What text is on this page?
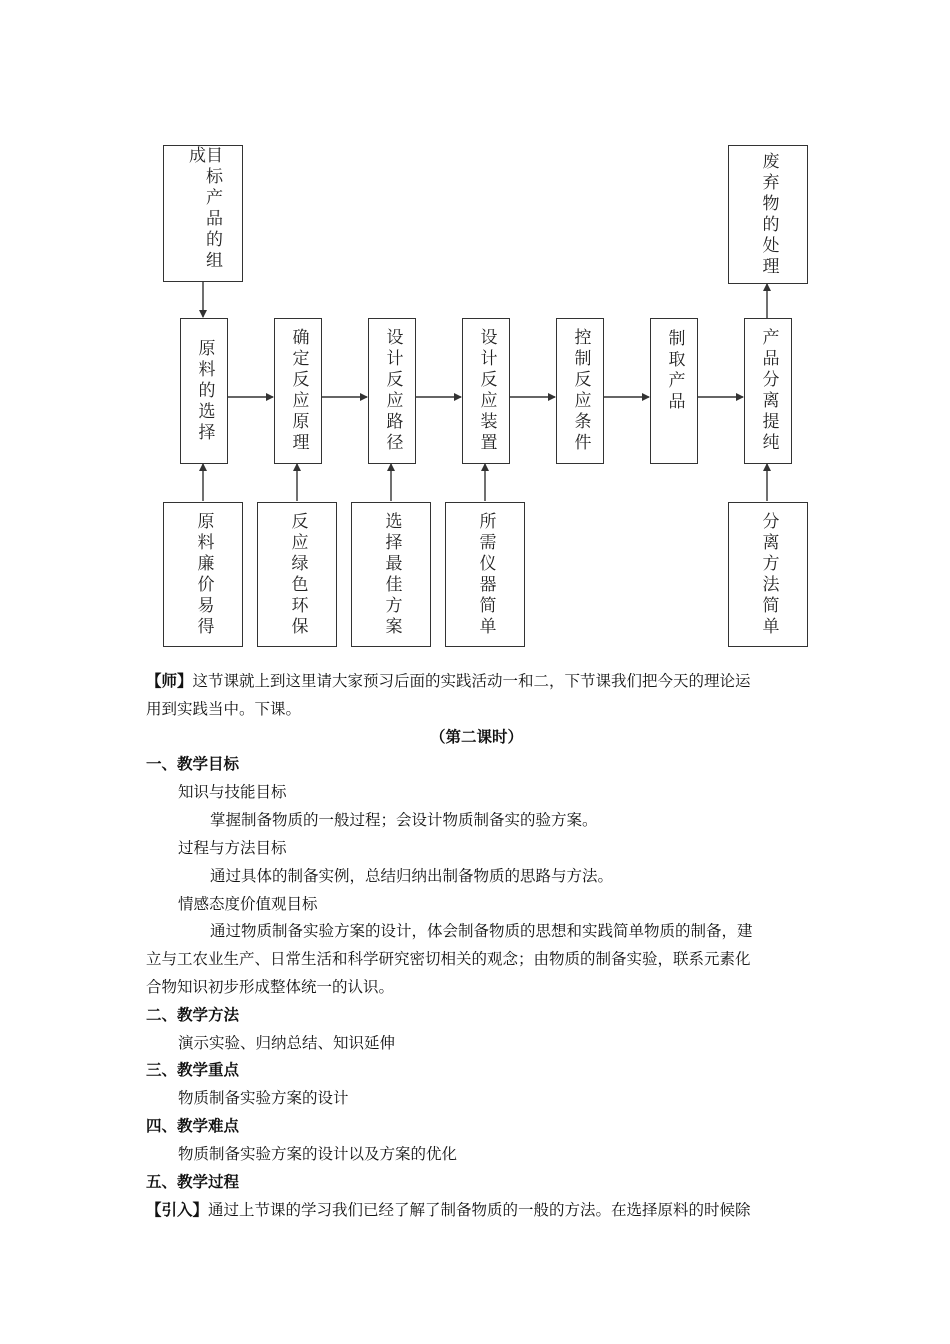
目标产品的组成	废弃物的处理
原料的选择	确定反应原理	设计反应路径	设计反应装置	控制反应条件	制取产品	产品分离提纯
原料廉价易得	反应绿色环保	选择最佳方案	所需仪器简单	分离方法简单
【师】这节课就上到这里请大家预习后面的实践活动一和二，下节课我们把今天的理论运
用到实践当中。下课。
（第二课时）
一、教学目标
知识与技能目标
掌握制备物质的一般过程；会设计物质制备实的验方案。
过程与方法目标
通过具体的制备实例，总结归纳出制备物质的思路与方法。
情感态度价值观目标
通过物质制备实验方案的设计，体会制备物质的思想和实践简单物质的制备，建
立与工农业生产、日常生活和科学研究密切相关的观念；由物质的制备实验，联系元素化
合物知识初步形成整体统一的认识。
二、教学方法
演示实验、归纳总结、知识延伸
三、教学重点
物质制备实验方案的设计
四、教学难点
物质制备实验方案的设计以及方案的优化
五、教学过程
【引入】通过上节课的学习我们已经了解了制备物质的一般的方法。在选择原料的时候除
